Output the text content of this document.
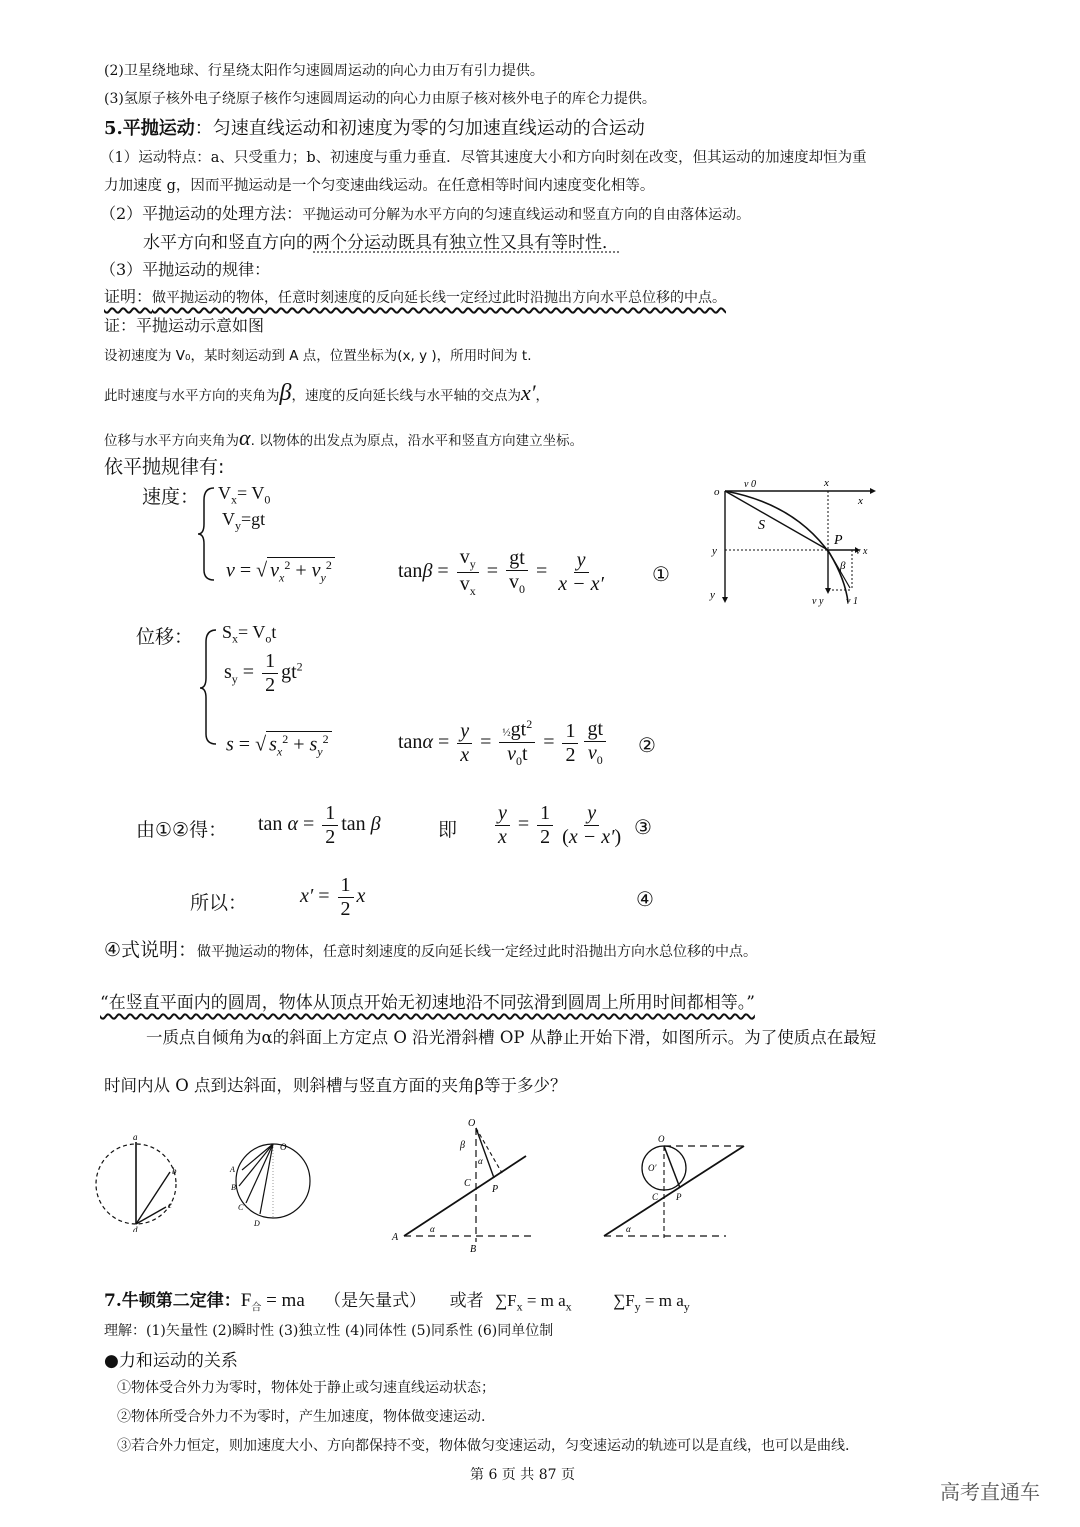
(2)卫星绕地球、行星绕太阳作匀速圆周运动的向心力由万有引力提供。
(3)氢原子核外电子绕原子核作匀速圆周运动的向心力由原子核对核外电子的库仑力提供。
5.平抛运动：匀速直线运动和初速度为零的匀加速直线运动的合运动
（1）运动特点：a、只受重力；b、初速度与重力垂直．尽管其速度大小和方向时刻在改变，但其运动的加速度却恒为重
力加速度 g，因而平抛运动是一个匀变速曲线运动。在任意相等时间内速度变化相等。
（2）平抛运动的处理方法：平抛运动可分解为水平方向的匀速直线运动和竖直方向的自由落体运动。
水平方向和竖直方向的两个分运动既具有独立性又具有等时性．
（3）平抛运动的规律：
证明：做平抛运动的物体，任意时刻速度的反向延长线一定经过此时沿抛出方向水平总位移的中点。
证：平抛运动示意如图
设初速度为 V₀，某时刻运动到 A 点，位置坐标为(x, y )，所用时间为 t.
此时速度与水平方向的夹角为β，速度的反向延长线与水平轴的交点为x′，
位移与水平方向夹角为α. 以物体的出发点为原点，沿水平和竖直方向建立坐标。
依平抛规律有:
速度： $V_x= V_0$
$V_y=gt$
v = √ $v_x^2 + v_y^2$	$\tan\beta = \frac{v_y}{v_x} = \frac{gt}{v_0} = \frac{y}{x - x'}$ ①
o
v 0	x
x
S
P
v x
y
β
y
v y v 1
位移： $S_x= V_ot$
$s_y = \frac{1}{2} gt^2$
s = √ $s_x^2 + s_y^2$	$\tan\alpha = \frac{y}{x} = \frac{\frac{1}{2}gt^2}{v_0t} = \frac{1}{2} \frac{gt}{v_0}$ ②
由①②得： $\tan \alpha = \frac{1}{2}$ tan β	即 $\frac{y}{x} = \frac{1}{2} \frac{y}{(x - x')}$ ③
所以：	$x' = \frac{1}{2}$ x	④
④式说明：做平抛运动的物体，任意时刻速度的反向延长线一定经过此时沿抛出方向水总位移的中点。
“在竖直平面内的圆周，物体从顶点开始无初速地沿不同弦滑到圆周上所用时间都相等。”
一质点自倾角为α的斜面上方定点 O 沿光滑斜槽 OP 从静止开始下滑，如图所示。为了使质点在最短
时间内从 O 点到达斜面，则斜槽与竖直方面的夹角β等于多少？
a
b
c
d
O
A
B
C
D
O
β
α
C
P
A
α
B
O
O′
C P
α
7.牛顿第二定律：$F_合$ = ma （是矢量式） 或者 $\sum F_x = m$ $a_x$ $\sum F_y = m$ $a_y$
理解：(1)矢量性 (2)瞬时性 (3)独立性 (4)同体性 (5)同系性 (6)同单位制
●力和运动的关系
①物体受合外力为零时，物体处于静止或匀速直线运动状态；
②物体所受合外力不为零时，产生加速度，物体做变速运动.
③若合外力恒定，则加速度大小、方向都保持不变，物体做匀变速运动，匀变速运动的轨迹可以是直线，也可以是曲线.
第 6 页 共 87 页
高考直通车
